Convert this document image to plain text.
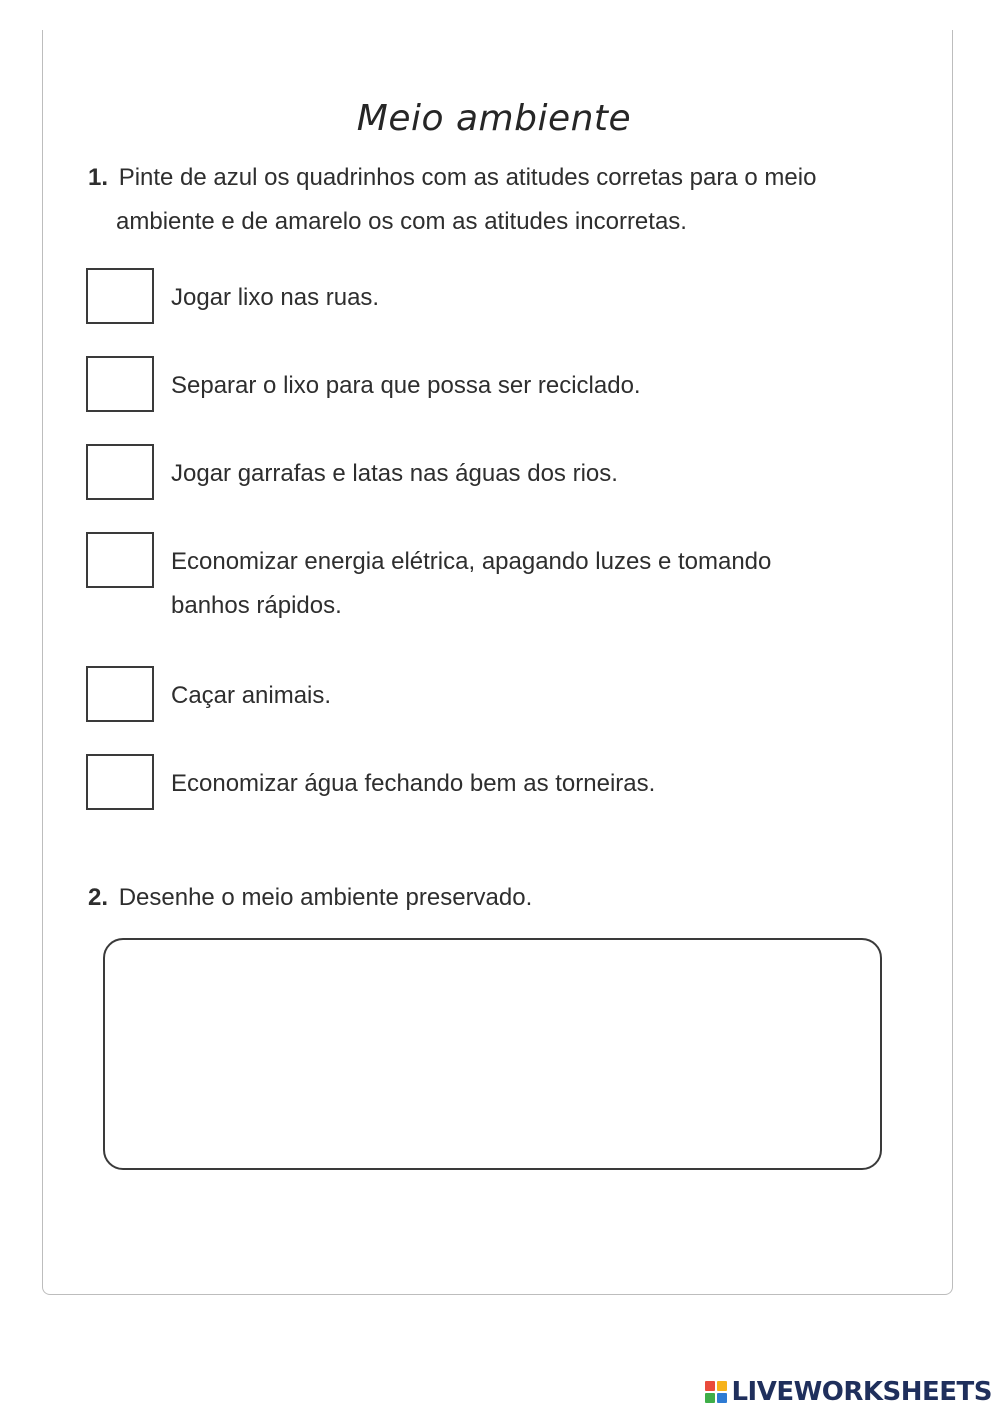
Meio ambiente
1. Pinte de azul os quadrinhos com as atitudes corretas para o meio
ambiente e de amarelo os com as atitudes incorretas.
Jogar lixo nas ruas.
Separar o lixo para que possa ser reciclado.
Jogar garrafas e latas nas águas dos rios.
Economizar energia elétrica, apagando luzes e tomando banhos rápidos.
Caçar animais.
Economizar água fechando bem as torneiras.
2. Desenhe o meio ambiente preservado.
LIVEWORKSHEETS
